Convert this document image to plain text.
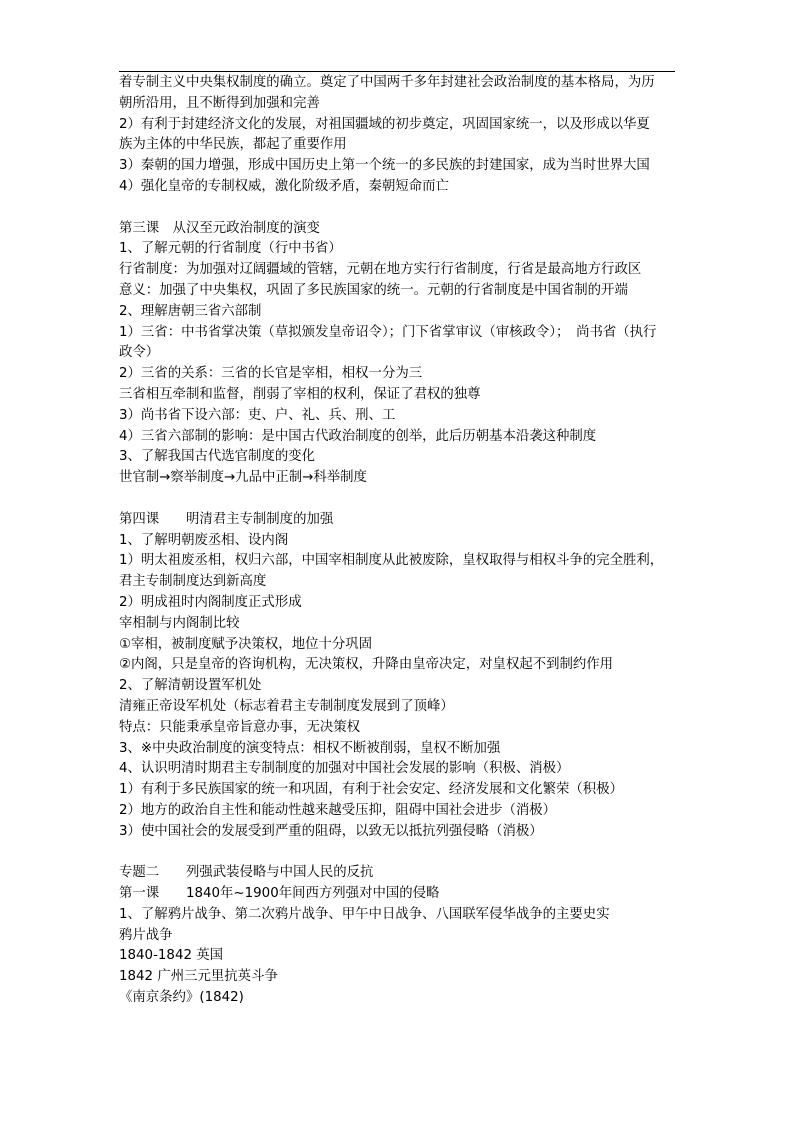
着专制主义中央集权制度的确立。奠定了中国两千多年封建社会政治制度的基本格局，为历
朝所沿用，且不断得到加强和完善
2）有利于封建经济文化的发展，对祖国疆域的初步奠定，巩固国家统一，以及形成以华夏
族为主体的中华民族，都起了重要作用
3）秦朝的国力增强，形成中国历史上第一个统一的多民族的封建国家，成为当时世界大国
4）强化皇帝的专制权威，激化阶级矛盾，秦朝短命而亡
第三课　从汉至元政治制度的演变
1、了解元朝的行省制度（行中书省）
行省制度：为加强对辽阔疆域的管辖，元朝在地方实行行省制度，行省是最高地方行政区
意义：加强了中央集权，巩固了多民族国家的统一。元朝的行省制度是中国省制的开端
2、理解唐朝三省六部制
1）三省：中书省掌决策（草拟颁发皇帝诏令）；门下省掌审议（审核政令）；　尚书省（执行
政令）
2）三省的关系：三省的长官是宰相，相权一分为三
三省相互牵制和监督，削弱了宰相的权利，保证了君权的独尊
3）尚书省下设六部：吏、户、礼、兵、刑、工
4）三省六部制的影响：是中国古代政治制度的创举，此后历朝基本沿袭这种制度
3、了解我国古代选官制度的变化
世官制→察举制度→九品中正制→科举制度
第四课　　明清君主专制制度的加强
1、了解明朝废丞相、设内阁
1）明太祖废丞相，权归六部，中国宰相制度从此被废除，皇权取得与相权斗争的完全胜利，
君主专制制度达到新高度
2）明成祖时内阁制度正式形成
宰相制与内阁制比较
①宰相，被制度赋予决策权，地位十分巩固
②内阁，只是皇帝的咨询机构，无决策权，升降由皇帝决定，对皇权起不到制约作用
2、了解清朝设置军机处
清雍正帝设军机处（标志着君主专制制度发展到了顶峰）
特点：只能秉承皇帝旨意办事，无决策权
3、※中央政治制度的演变特点：相权不断被削弱，皇权不断加强
4、认识明清时期君主专制制度的加强对中国社会发展的影响（积极、消极）
1）有利于多民族国家的统一和巩固，有利于社会安定、经济发展和文化繁荣（积极）
2）地方的政治自主性和能动性越来越受压抑，阻碍中国社会进步（消极）
3）使中国社会的发展受到严重的阻碍，以致无以抵抗列强侵略（消极）
专题二　　列强武装侵略与中国人民的反抗
第一课　　1840年~1900年间西方列强对中国的侵略
1、了解鸦片战争、第二次鸦片战争、甲午中日战争、八国联军侵华战争的主要史实
鸦片战争
1840-1842 英国
1842 广州三元里抗英斗争
《南京条约》(1842)
